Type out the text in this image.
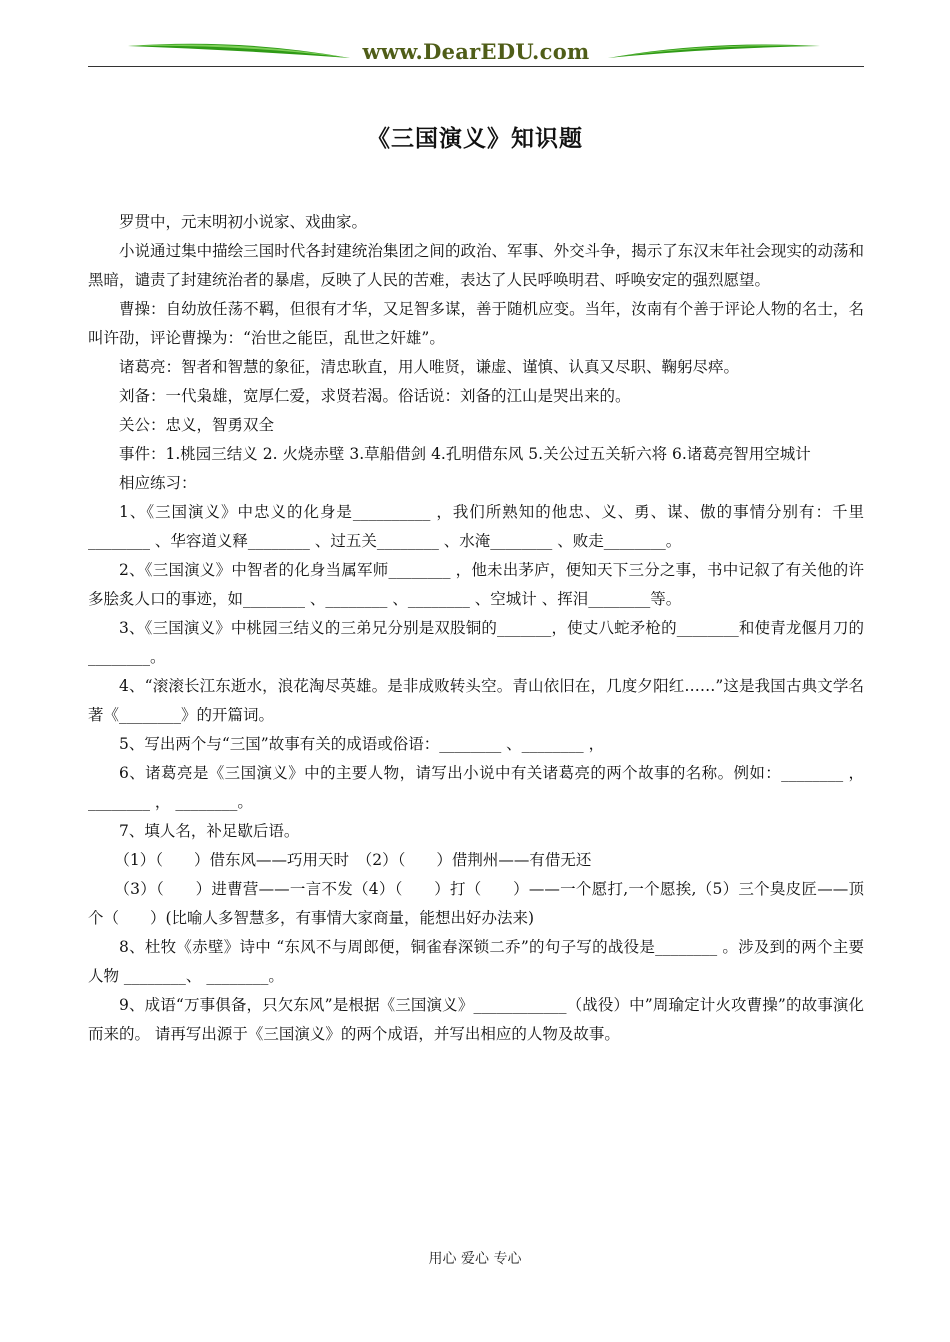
www.DearEDU.com
《三国演义》知识题

罗贯中，元末明初小说家、戏曲家。

小说通过集中描绘三国时代各封建统治集团之间的政治、军事、外交斗争，揭示了东汉末年社会现实的动荡和黑暗，谴责了封建统治者的暴虐，反映了人民的苦难，表达了人民呼唤明君、呼唤安定的强烈愿望。

曹操：自幼放任荡不羁，但很有才华，又足智多谋，善于随机应变。当年，汝南有个善于评论人物的名士，名叫许劭，评论曹操为：“治世之能臣，乱世之奸雄”。

诸葛亮：智者和智慧的象征，清忠耿直，用人唯贤，谦虚、谨慎、认真又尽职、鞠躬尽瘁。

刘备：一代枭雄，宽厚仁爱，求贤若渴。俗话说：刘备的江山是哭出来的。

关公：忠义，智勇双全

事件：1.桃园三结义 2. 火烧赤壁 3.草船借剑 4.孔明借东风 5.关公过五关斩六将 6.诸葛亮智用空城计

相应练习：

1、《三国演义》中忠义的化身是__________ ，我们所熟知的他忠、义、勇、谋、傲的事情分别有：千里________ 、华容道义释________ 、过五关________ 、水淹________ 、败走________。

2、《三国演义》中智者的化身当属军师________ ，他未出茅庐，便知天下三分之事，书中记叙了有关他的许多脍炙人口的事迹，如________ 、________ 、________ 、空城计 、挥泪________等。

3、《三国演义》中桃园三结义的三弟兄分别是双股铜的_______，使丈八蛇矛枪的________和使青龙偃月刀的 ________。

4、“滚滚长江东逝水，浪花淘尽英雄。是非成败转头空。青山依旧在，几度夕阳红……”这是我国古典文学名著《________》的开篇词。

5、写出两个与“三国”故事有关的成语或俗语：________ 、________ ，

6、诸葛亮是《三国演义》中的主要人物，请写出小说中有关诸葛亮的两个故事的名称。例如：________ ，________ ， ________。

7、填人名，补足歇后语。

（1）（　　）借东风——巧用天时　（2）（　　）借荆州——有借无还

（3）（　　）进曹营——一言不发（4）（　　）打（　　）——一个愿打,一个愿挨,（5）三个臭皮匠——顶个（　　）(比喻人多智慧多，有事情大家商量，能想出好办法来)

8、杜牧《赤壁》诗中 “东风不与周郎便，铜雀春深锁二乔”的句子写的战役是________ 。涉及到的两个主要人物 ________、 ________。

9、成语“万事俱备，只欠东风”是根据《三国演义》____________（战役）中”周瑜定计火攻曹操”的故事演化而来的。 请再写出源于《三国演义》的两个成语，并写出相应的人物及故事。

用心 爱心 专心
